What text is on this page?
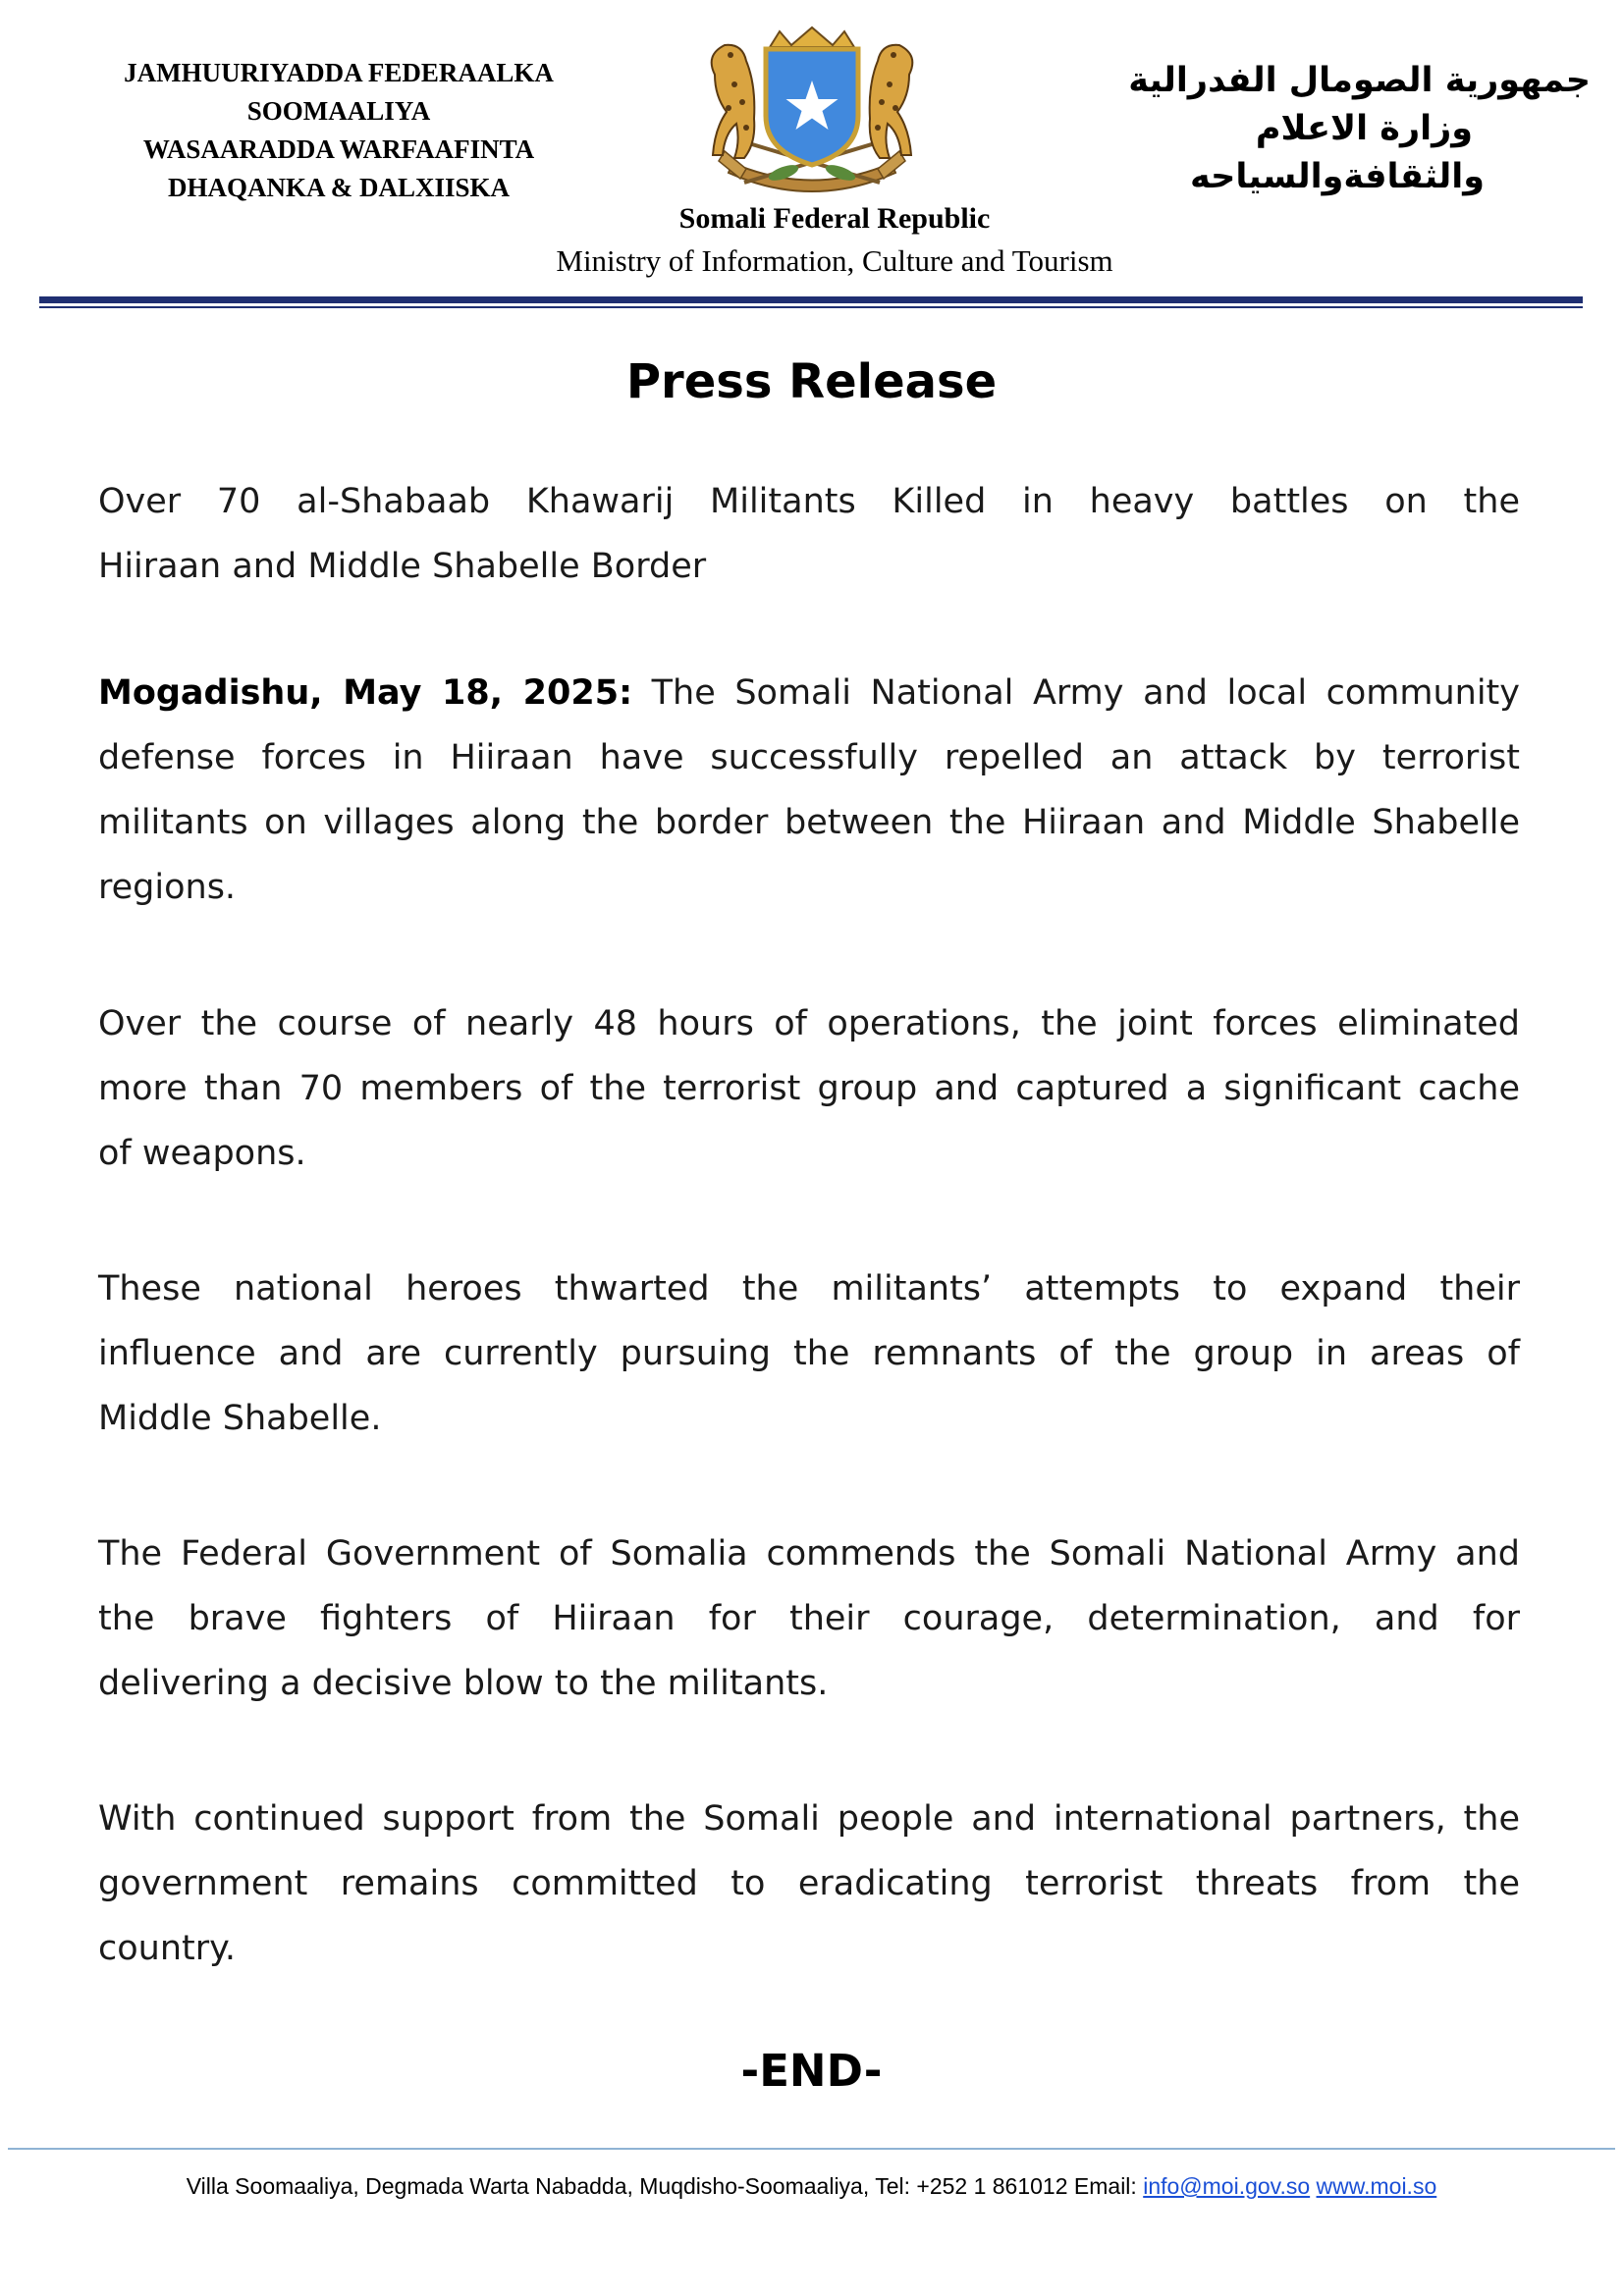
JAMHUURIYADDA FEDERAALKA
SOOMAALIYA
WASAARADDA WARFAAFINTA
DHAQANKA & DALXIISKA
جمهورية الصومال الفدرالية
وزارة الاعلام
والثقافةوالسياحه
Somali Federal Republic
Ministry of Information, Culture and Tourism
Press Release
Over 70 al-Shabaab Khawarij Militants Killed in heavy battles on the
Hiiraan and Middle Shabelle Border
Mogadishu, May 18, 2025: The Somali National Army and local community
defense forces in Hiiraan have successfully repelled an attack by terrorist
militants on villages along the border between the Hiiraan and Middle Shabelle
regions.
Over the course of nearly 48 hours of operations, the joint forces eliminated
more than 70 members of the terrorist group and captured a significant cache
of weapons.
These national heroes thwarted the militants’ attempts to expand their
influence and are currently pursuing the remnants of the group in areas of
Middle Shabelle.
The Federal Government of Somalia commends the Somali National Army and
the brave fighters of Hiiraan for their courage, determination, and for
delivering a decisive blow to the militants.
With continued support from the Somali people and international partners, the
government remains committed to eradicating terrorist threats from the
country.
-END-
Villa Soomaaliya, Degmada Warta Nabadda, Muqdisho-Soomaaliya, Tel: +252 1 861012 Email: info@moi.gov.so www.moi.so
